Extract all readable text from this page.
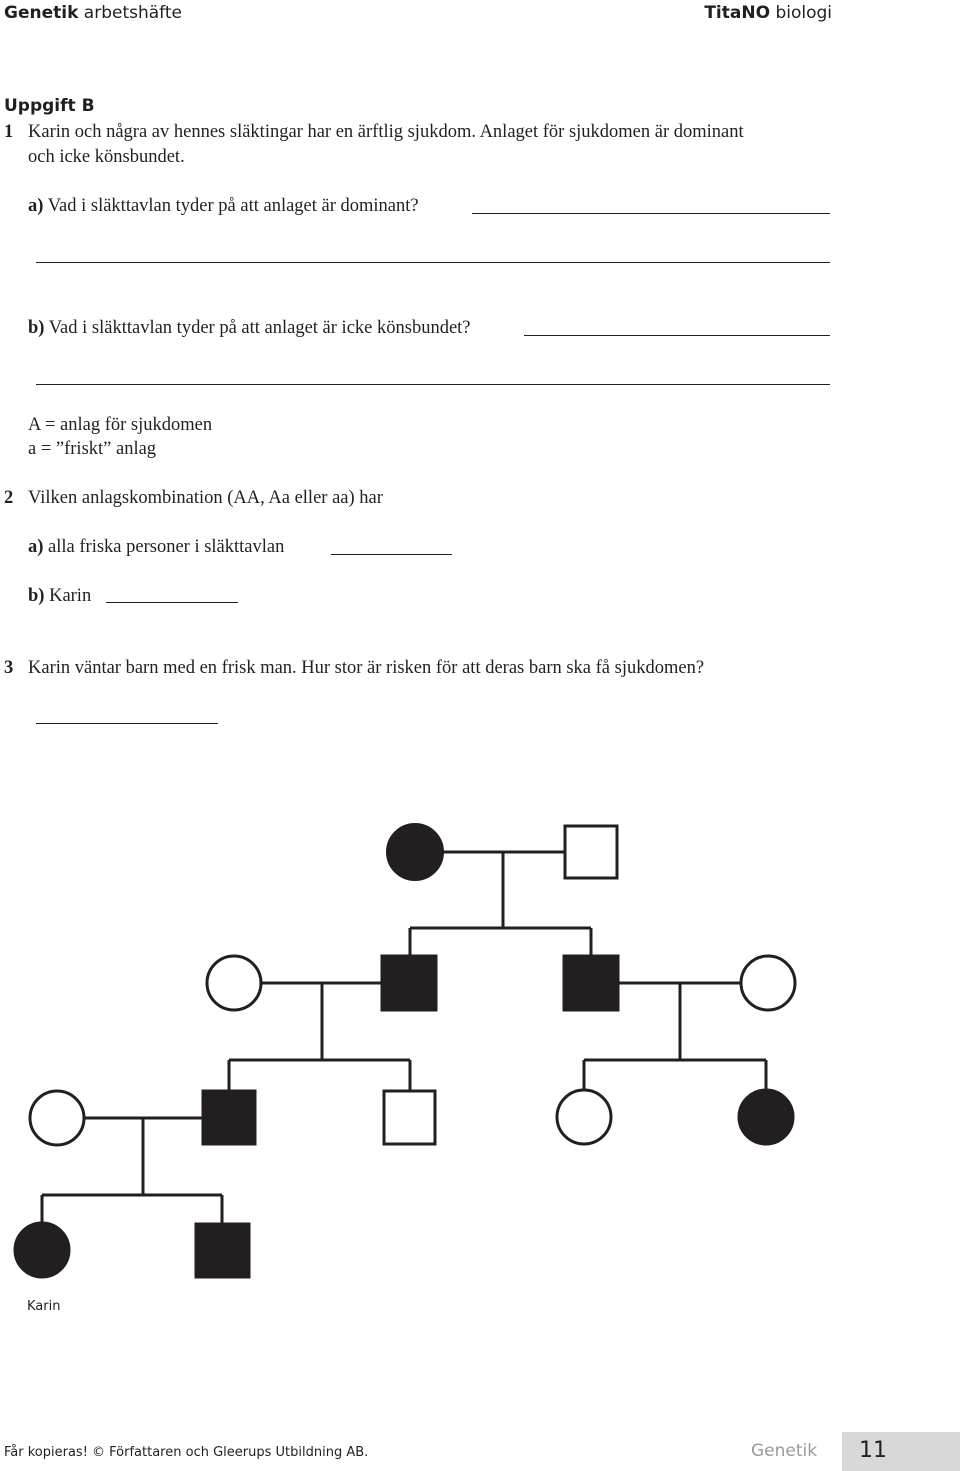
Genetik arbetshäfte	TitaNO biologi
Uppgift B
1 Karin och några av hennes släktingar har en ärftlig sjukdom. Anlaget för sjukdomen är dominant
och icke könsbundet.
a) Vad i släkttavlan tyder på att anlaget är dominant?
b) Vad i släkttavlan tyder på att anlaget är icke könsbundet?
A = anlag för sjukdomen
a = ”friskt” anlag
2 Vilken anlagskombination (AA, Aa eller aa) har
a) alla friska personer i släkttavlan
b) Karin
3 Karin väntar barn med en frisk man. Hur stor är risken för att deras barn ska få sjukdomen?
Karin
Får kopieras! © Författaren och Gleerups Utbildning AB.	Genetik 11
